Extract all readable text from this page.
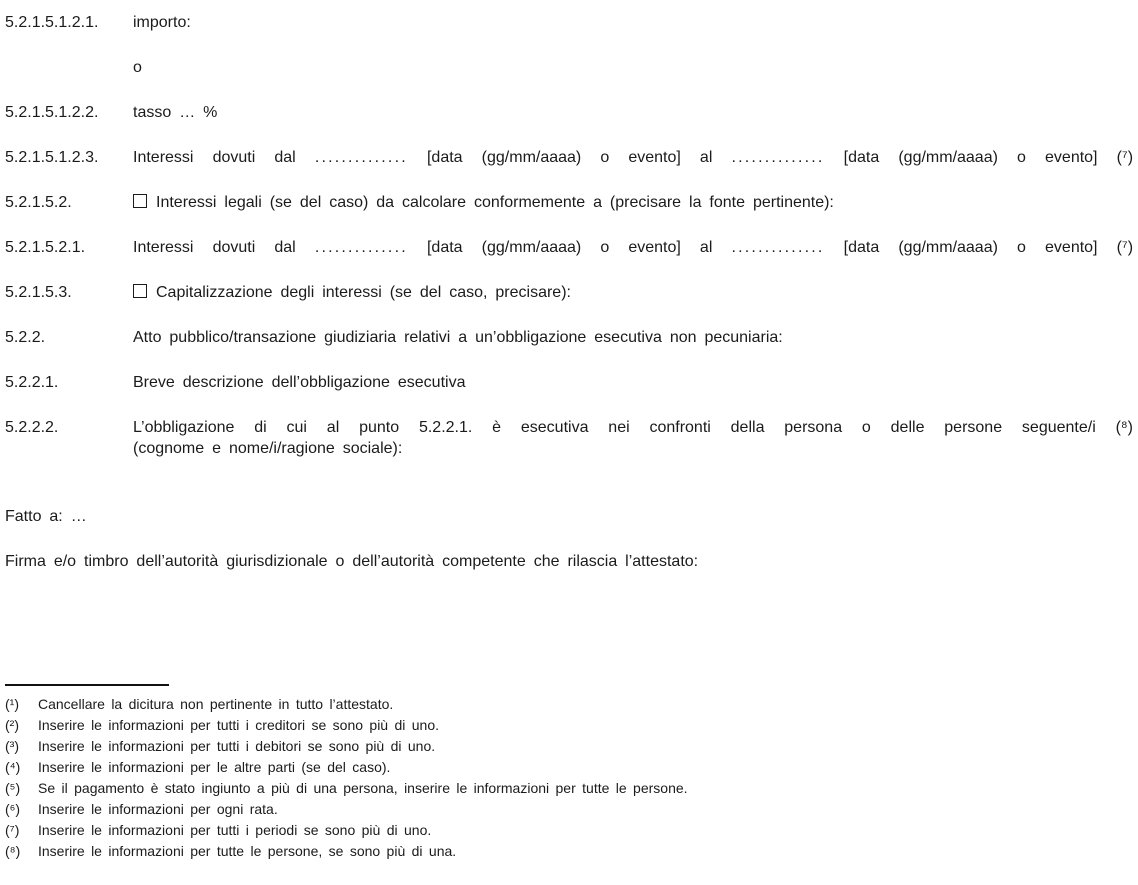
5.2.1.5.1.2.1.	importo:
o
5.2.1.5.1.2.2.	tasso … %
5.2.1.5.1.2.3.	Interessi dovuti dal .............. [data (gg/mm/aaaa) o evento] al .............. [data (gg/mm/aaaa) o evento] (⁷)
5.2.1.5.2.	Interessi legali (se del caso) da calcolare conformemente a (precisare la fonte pertinente):
5.2.1.5.2.1.	Interessi dovuti dal .............. [data (gg/mm/aaaa) o evento] al .............. [data (gg/mm/aaaa) o evento] (⁷)
5.2.1.5.3.	Capitalizzazione degli interessi (se del caso, precisare):
5.2.2.	Atto pubblico/transazione giudiziaria relativi a un’obbligazione esecutiva non pecuniaria:
5.2.2.1.	Breve descrizione dell’obbligazione esecutiva
5.2.2.2.	L’obbligazione di cui al punto 5.2.2.1. è esecutiva nei confronti della persona o delle persone seguente/i (⁸)
(cognome e nome/i/ragione sociale):
Fatto a: …
Firma e/o timbro dell’autorità giurisdizionale o dell’autorità competente che rilascia l’attestato:
(¹)	Cancellare la dicitura non pertinente in tutto l’attestato.
(²)	Inserire le informazioni per tutti i creditori se sono più di uno.
(³)	Inserire le informazioni per tutti i debitori se sono più di uno.
(⁴)	Inserire le informazioni per le altre parti (se del caso).
(⁵)	Se il pagamento è stato ingiunto a più di una persona, inserire le informazioni per tutte le persone.
(⁶)	Inserire le informazioni per ogni rata.
(⁷)	Inserire le informazioni per tutti i periodi se sono più di uno.
(⁸)	Inserire le informazioni per tutte le persone, se sono più di una.
